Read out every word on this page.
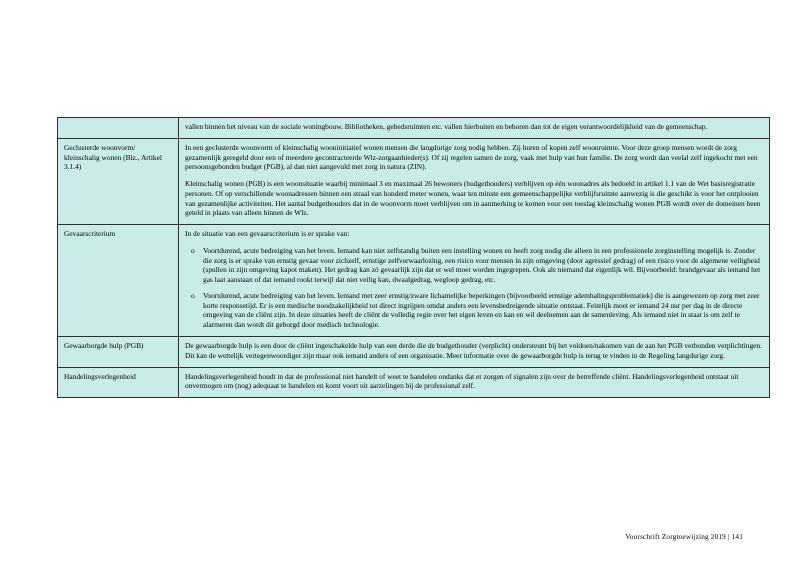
	vallen binnen het niveau van de sociale woningbouw. Bibliotheken, gebedsruimten etc. vallen hierbuiten en behoren dan tot de eigen verantwoordelijkheid van de gemeenschap.

Geclusterde woonvorm/ kleinschalig wonen (Blz., Artikel 3.1.4)	In een geclusterde woonvorm of kleinschalig wooninitiatief wonen mensen die langdurige zorg nodig hebben. Zij huren of kopen zelf woonruimte. Voor deze groep mensen wordt de zorg gezamenlijk geregeld door een of meerdere gecontracteerde Wlz-zorgaanbieder(s). Of zij regelen samen de zorg, vaak met hulp van hun familie. De zorg wordt dan veelal zelf ingekocht met een persoonsgebonden budget (PGB), al dan niet aangevuld met zorg in natura (ZIN).

Kleinschalig wonen (PGB) is een woonsituatie waarbij minimaal 3 en maximaal 26 bewoners (budgethouders) verblijven op één woonadres als bedoeld in artikel 1.1 van de Wet basisregistratie personen. Of op verschillende woonadressen binnen een straal van honderd meter wonen, waar ten minste een gemeenschappelijke verblijfsruimte aanwezig is die geschikt is voor het ontplooien van gezamenlijke activiteiten. Het aantal budgethouders dat in de woonvorm moet verblijven om in aanmerking te komen voor een toeslag kleinschalig wonen PGB wordt over de domeinen heen geteld in plaats van alleen binnen de Wlz.

Gevaarscriterium	In de situatie van een gevaarscriterium is er sprake van:

o Voortdurend, acute bedreiging van het leven. Iemand kan niet zelfstandig buiten een instelling wonen en heeft zorg nodig die alleen in een professionele zorginstelling mogelijk is. Zonder die zorg is er sprake van ernstig gevaar voor zichzelf, ernstige zelfverwaarlozing, een risico voor mensen in zijn omgeving (door agressief gedrag) of een risico voor de algemene veiligheid (spullen in zijn omgeving kapot maken). Het gedrag kan zó gevaarlijk zijn dat er wel moet worden ingegrepen. Ook als niemand dat eigenlijk wil. Bijvoorbeeld: brandgevaar als iemand het gas laat aanstaan of dat iemand rookt terwijl dat niet veilig kan, dwaalgedrag, wegloop gedrag, etc.
o Voortdurend, acute bedreiging van het leven. Iemand met zeer ernstig/zware lichamelijke beperkingen (bijvoorbeeld ernstige ademhalingsproblematiek) die is aangewezen op zorg met zeer korte responsetijd. Er is een medische noodzakelijkheid tot direct ingrijpen omdat anders een levensbedreigende situatie ontstaat. Feitelijk moet er iemand 24 uur per dag in de directe omgeving van de cliënt zijn. In deze situaties heeft de cliënt de volledig regie over het eigen leven en kan en wil deelnemen aan de samenleving. Als iemand niet in staat is om zelf te alarmeren dan wordt dit geborgd door medisch technologie.

Gewaarborgde hulp (PGB)	De gewaarborgde hulp is een door de cliënt ingeschakelde hulp van een derde die de budgethouder (verplicht) ondersteunt bij het voldoen/nakomen van de aan het PGB verbonden verplichtingen. Dit kan de wettelijk vertegenwoordiger zijn maar ook iemand anders of een organisatie. Meer informatie over de gewaarborgde hulp is terug te vinden in de Regeling langdurige zorg.

Handelingsverlegenheid	Handelingsverlegenheid houdt in dat de professional niet handelt of weet te handelen ondanks dat er zorgen of signalen zijn over de betreffende cliënt. Handelingsverlegenheid ontstaat uit onvermogen om (nog) adequaat te handelen en komt voort uit aarzelingen bij de professional zelf.

Voorschrift Zorgtoewijzing 2019 | 141
